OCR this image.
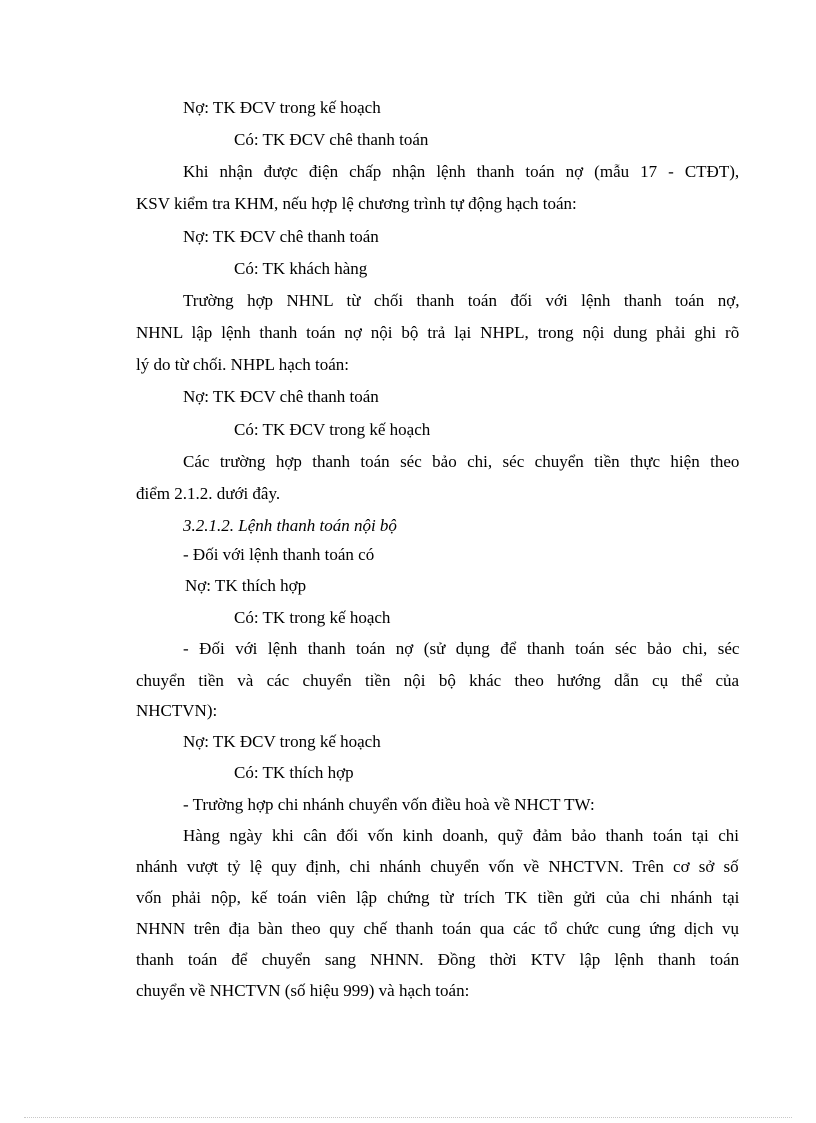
Nợ: TK ĐCV trong kế hoạch
Có: TK ĐCV chê thanh toán
Khi nhận được điện chấp nhận lệnh thanh toán nợ (mẫu 17 - CTĐT),
KSV kiểm tra KHM, nếu hợp lệ chương trình tự động hạch toán:
Nợ: TK ĐCV chê thanh toán
Có: TK khách hàng
Trường hợp NHNL từ chối thanh toán đối với lệnh thanh toán nợ,
NHNL lập lệnh thanh toán nợ nội bộ trả lại NHPL, trong nội dung phải ghi rõ
lý do từ chối. NHPL hạch toán:
Nợ: TK ĐCV chê thanh toán
Có: TK ĐCV trong kế hoạch
Các trường hợp thanh toán séc bảo chi, séc chuyển tiền thực hiện theo
điểm 2.1.2. dưới đây.
3.2.1.2. Lệnh thanh toán nội bộ
- Đối với lệnh thanh toán có
Nợ: TK thích hợp
Có: TK trong kế hoạch
- Đối với lệnh thanh toán nợ (sử dụng để thanh toán séc bảo chi, séc
chuyển tiền và các chuyển tiền nội bộ khác theo hướng dẫn cụ thể của
NHCTVN):
Nợ: TK ĐCV trong kế hoạch
Có: TK thích hợp
- Trường hợp chi nhánh chuyển vốn điều hoà về NHCT TW:
Hàng ngày khi cân đối vốn kinh doanh, quỹ đảm bảo thanh toán tại chi
nhánh vượt tỷ lệ quy định, chi nhánh chuyển vốn về NHCTVN. Trên cơ sở số
vốn phải nộp, kế toán viên lập chứng từ trích TK tiền gửi của chi nhánh tại
NHNN trên địa bàn theo quy chế thanh toán qua các tổ chức cung ứng dịch vụ
thanh toán để chuyển sang NHNN. Đồng thời KTV lập lệnh thanh toán
chuyển về NHCTVN (số hiệu 999) và hạch toán:
